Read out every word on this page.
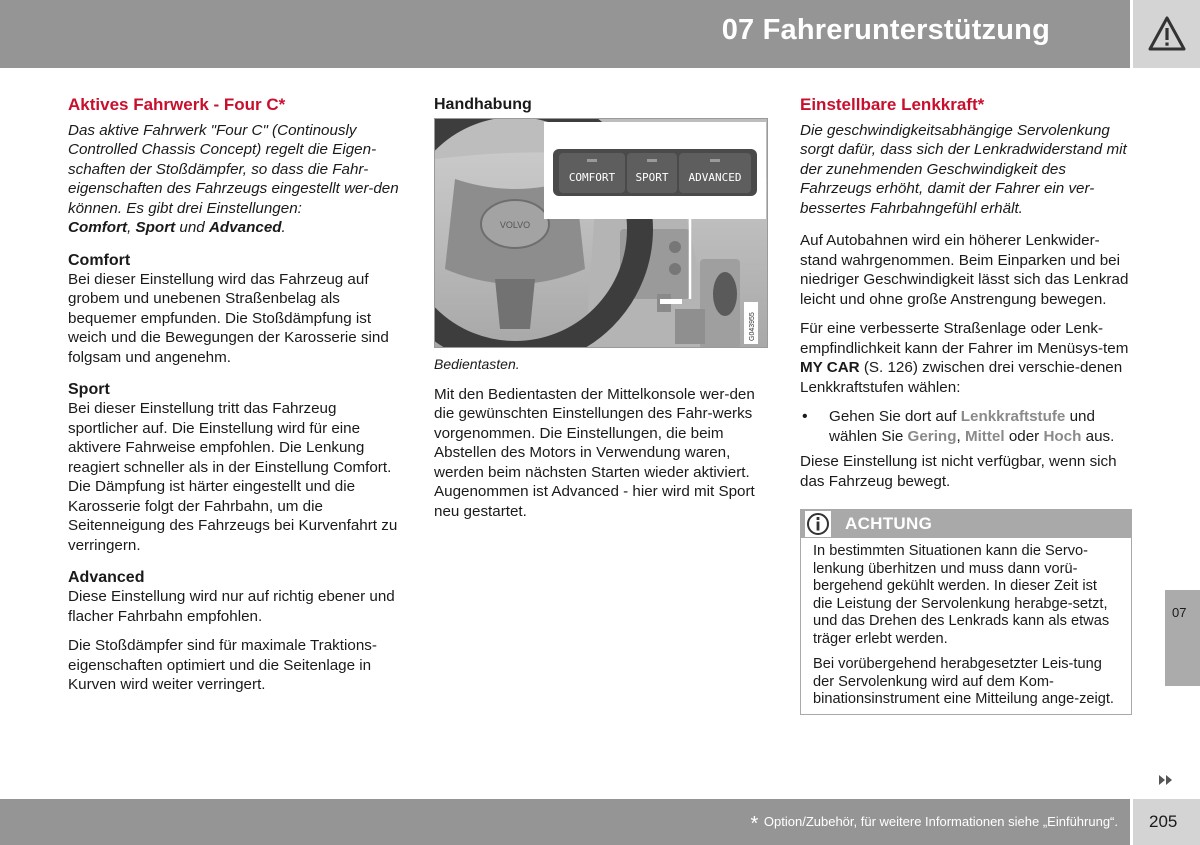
07 Fahrerunterstützung
Aktives Fahrwerk - Four C*

Das aktive Fahrwerk "Four C" (Continously Controlled Chassis Concept) regelt die Eigen-schaften der Stoßdämpfer, so dass die Fahr-eigenschaften des Fahrzeugs eingestellt wer-den können. Es gibt drei Einstellungen:
Comfort, Sport und Advanced.

Comfort

Bei dieser Einstellung wird das Fahrzeug auf grobem und unebenen Straßenbelag als bequemer empfunden. Die Stoßdämpfung ist weich und die Bewegungen der Karosserie sind folgsam und angenehm.

Sport

Bei dieser Einstellung tritt das Fahrzeug sportlicher auf. Die Einstellung wird für eine aktivere Fahrweise empfohlen. Die Lenkung reagiert schneller als in der Einstellung Comfort. Die Dämpfung ist härter eingestellt und die Karosserie folgt der Fahrbahn, um die Seitenneigung des Fahrzeugs bei Kurvenfahrt zu verringern.

Advanced

Diese Einstellung wird nur auf richtig ebener und flacher Fahrbahn empfohlen.

Die Stoßdämpfer sind für maximale Traktions-eigenschaften optimiert und die Seitenlage in Kurven wird weiter verringert.

Handhabung
VOLVO
COMFORT SPORT ADVANCED
G043955

Bedientasten.

Mit den Bedientasten der Mittelkonsole wer-den die gewünschten Einstellungen des Fahr-werks vorgenommen. Die Einstellungen, die beim Abstellen des Motors in Verwendung waren, werden beim nächsten Starten wieder aktiviert. Augenommen ist Advanced - hier wird mit Sport neu gestartet.

Einstellbare Lenkkraft*

Die geschwindigkeitsabhängige Servolenkung sorgt dafür, dass sich der Lenkradwiderstand mit der zunehmenden Geschwindigkeit des Fahrzeugs erhöht, damit der Fahrer ein ver-bessertes Fahrbahngefühl erhält.

Auf Autobahnen wird ein höherer Lenkwider-stand wahrgenommen. Beim Einparken und bei niedriger Geschwindigkeit lässt sich das Lenkrad leicht und ohne große Anstrengung bewegen.

Für eine verbesserte Straßenlage oder Lenk-empfindlichkeit kann der Fahrer im Menüsys-tem MY CAR (S. 126) zwischen drei verschie-denen Lenkkraftstufen wählen:

• Gehen Sie dort auf Lenkkraftstufe und wählen Sie Gering, Mittel oder Hoch aus.

Diese Einstellung ist nicht verfügbar, wenn sich das Fahrzeug bewegt.

ACHTUNG

In bestimmten Situationen kann die Servo-lenkung überhitzen und muss dann vorü-bergehend gekühlt werden. In dieser Zeit ist die Leistung der Servolenkung herabge-setzt, und das Drehen des Lenkrads kann als etwas träger erlebt werden.

Bei vorübergehend herabgesetzter Leis-tung der Servolenkung wird auf dem Kom-binationsinstrument eine Mitteilung ange-zeigt.

07
* Option/Zubehör, für weitere Informationen siehe „Einführung“. 205
